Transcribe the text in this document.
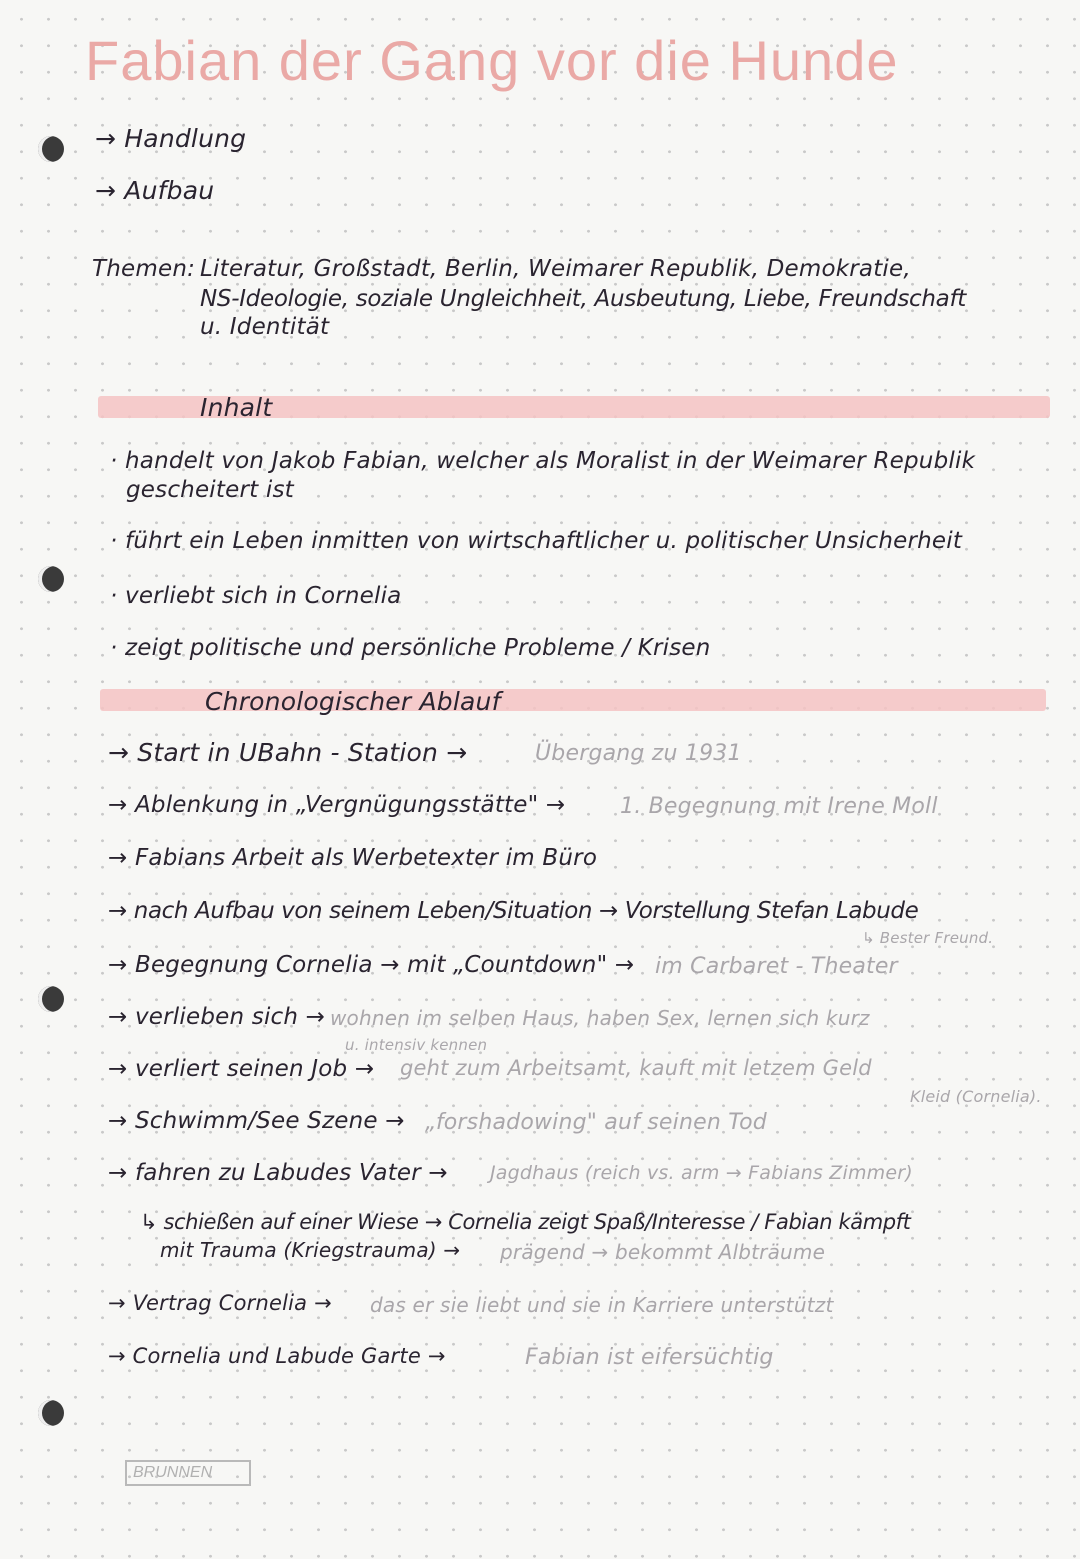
Fabian der Gang vor die Hunde
→ Handlung
→ Aufbau
Themen: Literatur, Großstadt, Berlin, Weimarer Republik, Demokratie,
NS-Ideologie, soziale Ungleichheit, Ausbeutung, Liebe, Freundschaft
u. Identität
Inhalt
· handelt von Jakob Fabian, welcher als Moralist in der Weimarer Republik
gescheitert ist
· führt ein Leben inmitten von wirtschaftlicher u. politischer Unsicherheit
· verliebt sich in Cornelia
· zeigt politische und persönliche Probleme / Krisen
Chronologischer Ablauf
→ Start in UBahn - Station →	Übergang zu 1931
→ Ablenkung in „Vergnügungsstätte" → 1. Begegnung mit Irene Moll
→ Fabians Arbeit als Werbetexter im Büro
→ nach Aufbau von seinem Leben/Situation → Vorstellung Stefan Labude
↳ Bester Freund.
→ Begegnung Cornelia → mit „Countdown" → im Carbaret - Theater
→ verlieben sich → wohnen im selben Haus, haben Sex, lernen sich kurz
u. intensiv kennen
→ verliert seinen Job → geht zum Arbeitsamt, kauft mit letzem Geld
Kleid (Cornelia).
→ Schwimm/See Szene → „forshadowing" auf seinen Tod
→ fahren zu Labudes Vater → Jagdhaus (reich vs. arm → Fabians Zimmer)
↳ schießen auf einer Wiese → Cornelia zeigt Spaß/Interesse / Fabian kämpft
mit Trauma (Kriegstrauma) → prägend → bekommt Albträume
→ Vertrag Cornelia → das er sie liebt und sie in Karriere unterstützt
→ Cornelia und Labude Garte →	Fabian ist eifersüchtig
BRUNNEN
